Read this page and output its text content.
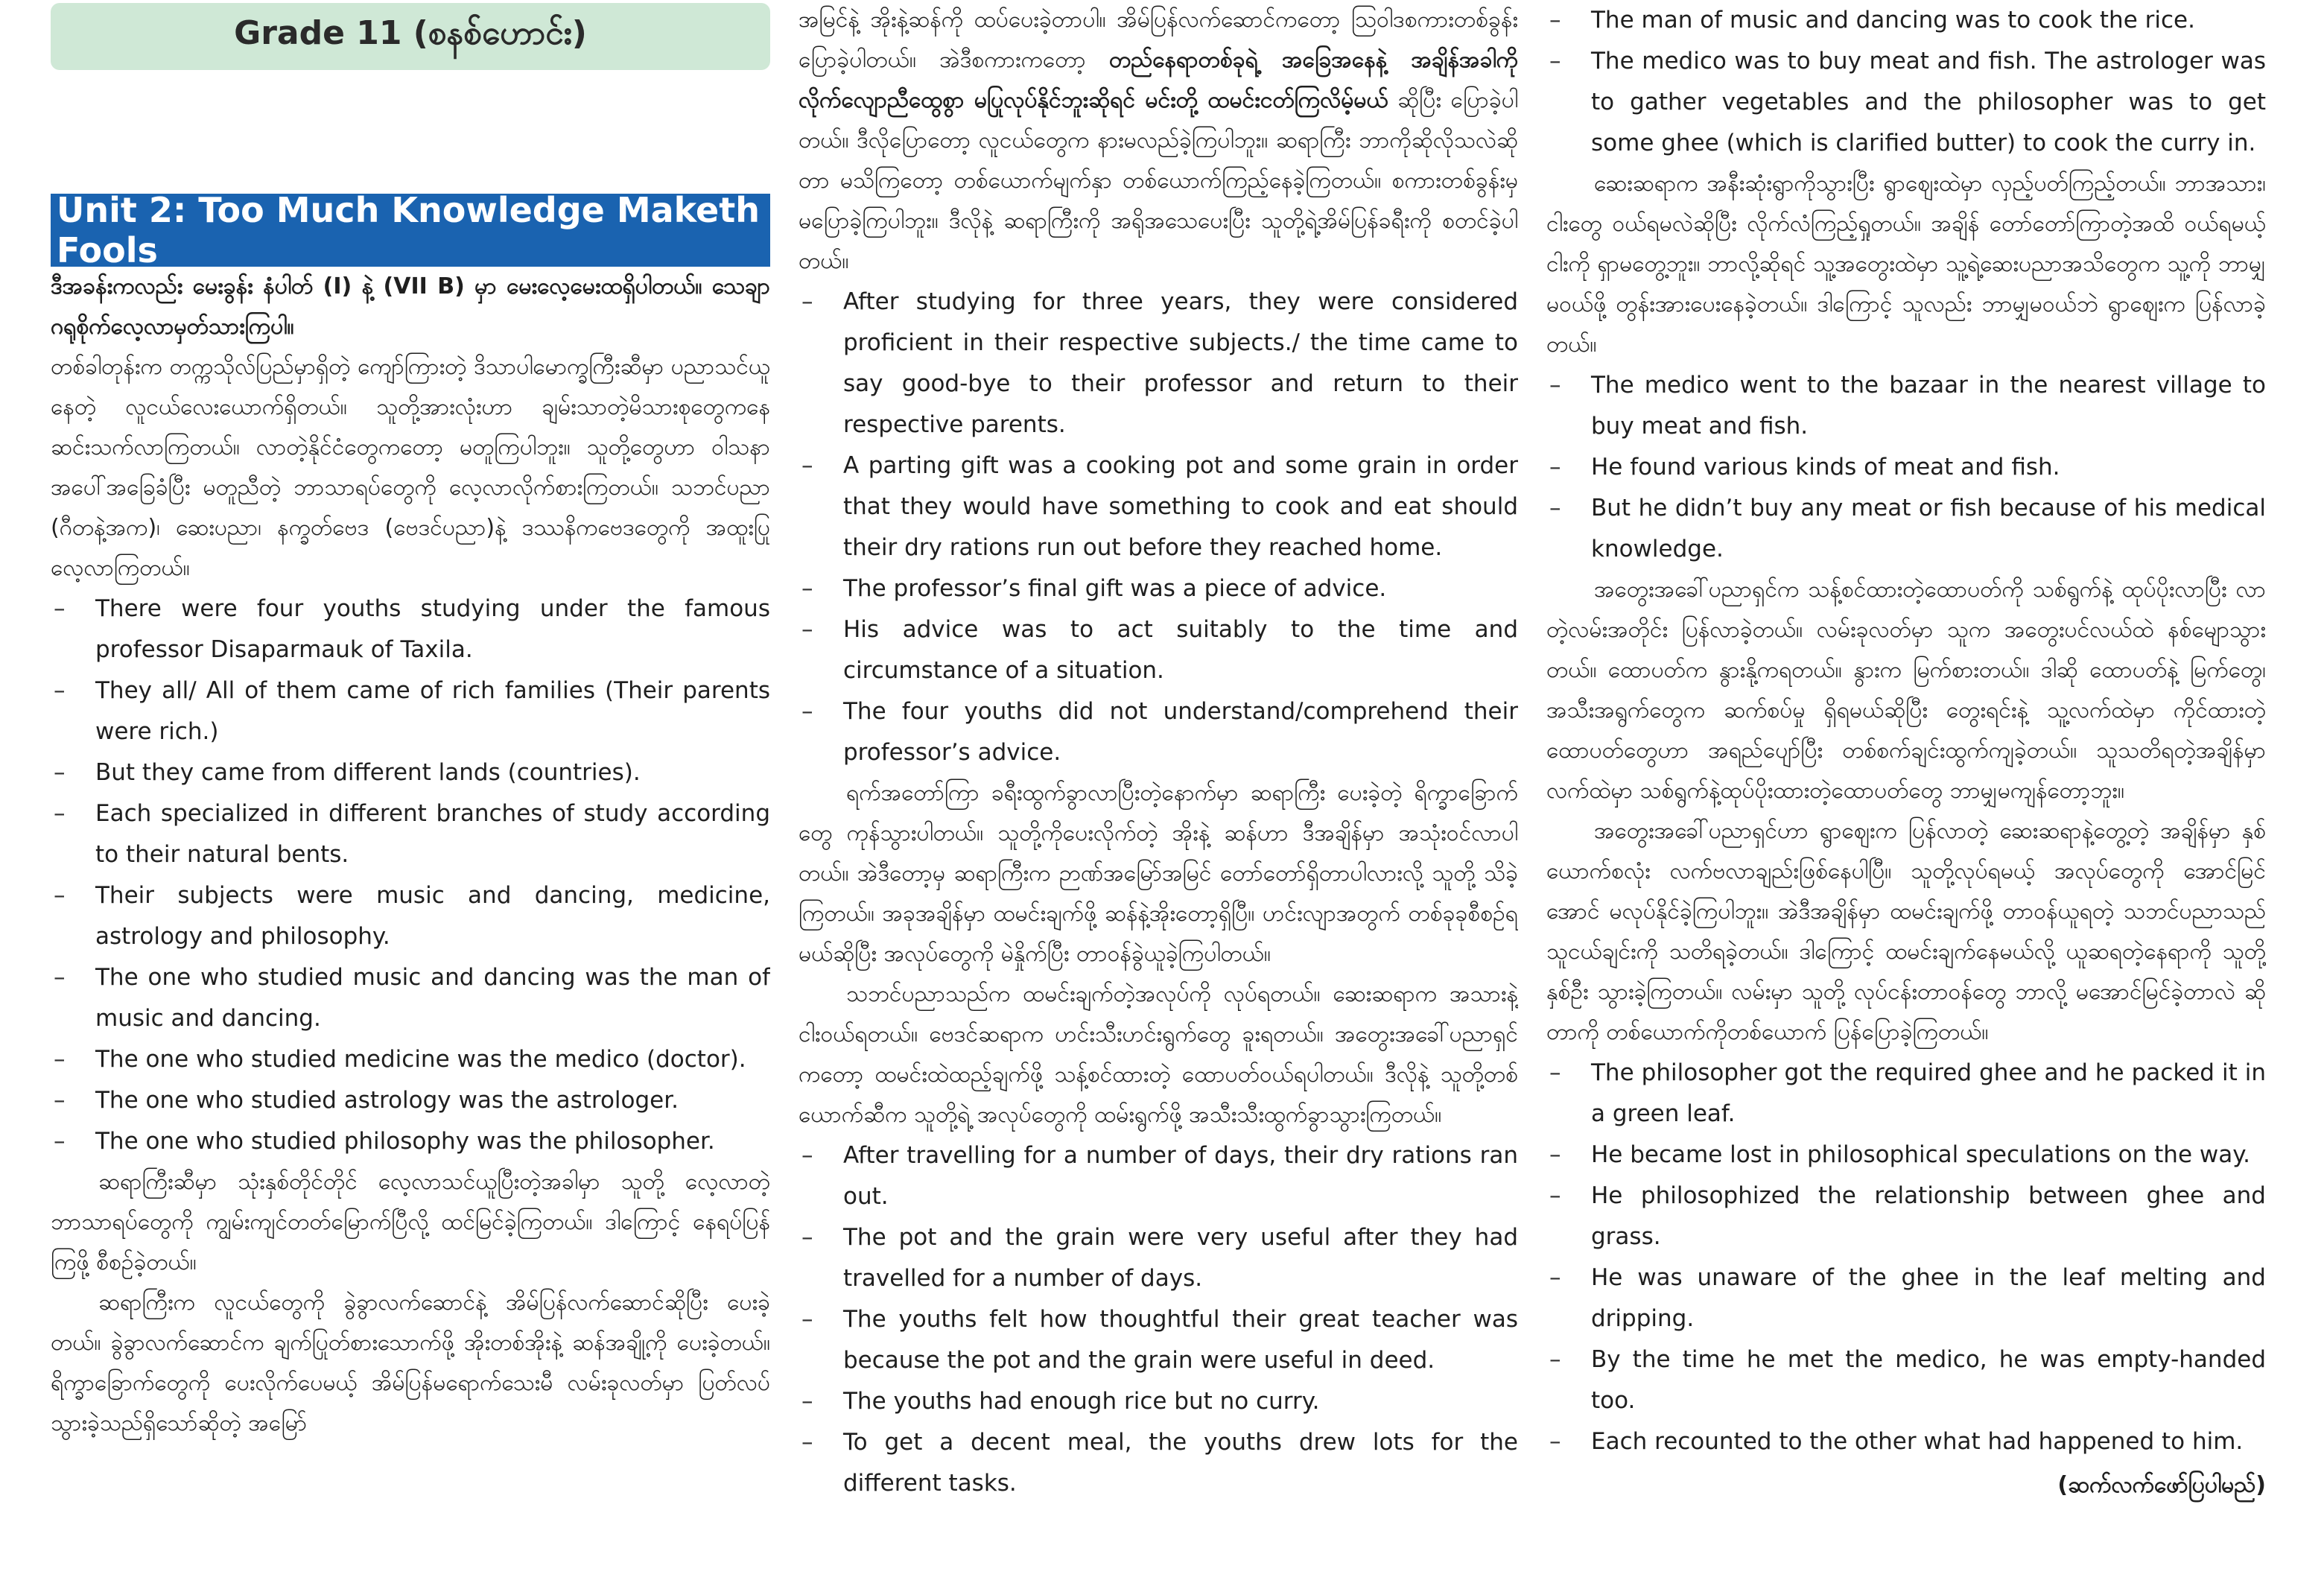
Grade 11 (စနစ်ဟောင်း)
Unit 2: Too Much Knowledge Maketh Fools

ဒီအခန်းကလည်း မေးခွန်း နံပါတ် (I) နဲ့ (VII B) မှာ မေးလေ့မေးထရှိပါတယ်။ သေချာဂရုစိုက်လေ့လာမှတ်သားကြပါ။

တစ်ခါတုန်းက တက္ကသိုလ်ပြည်မှာရှိတဲ့ ကျော်ကြားတဲ့ ဒိသာပါမောက္ခကြီးဆီမှာ ပညာသင်ယူနေတဲ့ လူငယ်လေးယောက်ရှိတယ်။ သူတို့အားလုံးဟာ ချမ်းသာတဲ့မိသားစုတွေကနေ ဆင်းသက်လာကြတယ်။ လာတဲ့နိုင်ငံတွေကတော့ မတူကြပါဘူး။ သူတို့တွေဟာ ဝါသနာအပေါ်အခြေခံပြီး မတူညီတဲ့ ဘာသာရပ်တွေကို လေ့လာလိုက်စားကြတယ်။ သဘင်ပညာ (ဂီတနဲ့အက)၊ ဆေးပညာ၊ နက္ခတ်ဗေဒ (ဗေဒင်ပညာ)နဲ့ ဒဿနိကဗေဒတွေကို အထူးပြုလေ့လာကြတယ်။

– There were four youths studying under the famous professor Disaparmauk of Taxila.
– They all/ All of them came of rich families (Their parents were rich.)
– But they came from different lands (countries).
– Each specialized in different branches of study according to their natural bents.
– Their subjects were music and dancing, medicine, astrology and philosophy.
– The one who studied music and dancing was the man of music and dancing.
– The one who studied medicine was the medico (doctor).
– The one who studied astrology was the astrologer.
– The one who studied philosophy was the philosopher.

ဆရာကြီးဆီမှာ သုံးနှစ်တိုင်တိုင် လေ့လာသင်ယူပြီးတဲ့အခါမှာ သူတို့ လေ့လာတဲ့ဘာသာရပ်တွေကို ကျွမ်းကျင်တတ်မြောက်ပြီလို့ ထင်မြင်ခဲ့ကြတယ်။ ဒါကြောင့် နေရပ်ပြန်ကြဖို့ စီစဉ်ခဲ့တယ်။

ဆရာကြီးက လူငယ်တွေကို ခွဲခွာလက်ဆောင်နဲ့ အိမ်ပြန်လက်ဆောင်ဆိုပြီး ပေးခဲ့တယ်။ ခွဲခွာလက်ဆောင်က ချက်ပြုတ်စားသောက်ဖို့ အိုးတစ်အိုးနဲ့ ဆန်အချို့ကို ပေးခဲ့တယ်။ ရိက္ခာခြောက်တွေကို ပေးလိုက်ပေမယ့် အိမ်ပြန်မရောက်သေးမီ လမ်းခုလတ်မှာ ပြတ်လပ်သွားခဲ့သည်ရှိသော်ဆိုတဲ့ အမြော်

အမြင်နဲ့ အိုးနဲ့ဆန်ကို ထပ်ပေးခဲ့တာပါ။ အိမ်ပြန်လက်ဆောင်ကတော့ ဩဝါဒစကားတစ်ခွန်းပြောခဲ့ပါတယ်။ အဲဒီစကားကတော့ တည်နေရာတစ်ခုရဲ့ အခြေအနေနဲ့ အချိန်အခါကို လိုက်လျောညီထွေစွာ မပြုလုပ်နိုင်ဘူးဆိုရင် မင်းတို့ ထမင်းငတ်ကြလိမ့်မယ် ဆိုပြီး ပြောခဲ့ပါတယ်။ ဒီလိုပြောတော့ လူငယ်တွေက နားမလည်ခဲ့ကြပါဘူး။ ဆရာကြီး ဘာကိုဆိုလိုသလဲဆိုတာ မသိကြတော့ တစ်ယောက်မျက်နှာ တစ်ယောက်ကြည့်နေခဲ့ကြတယ်။ စကားတစ်ခွန်းမှ မပြောခဲ့ကြပါဘူး။ ဒီလိုနဲ့ ဆရာကြီးကို အရိုအသေပေးပြီး သူတို့ရဲ့အိမ်ပြန်ခရီးကို စတင်ခဲ့ပါတယ်။

– After studying for three years, they were considered proficient in their respective subjects./ the time came to say good-bye to their professor and return to their respective parents.
– A parting gift was a cooking pot and some grain in order that they would have something to cook and eat should their dry rations run out before they reached home.
– The professor’s final gift was a piece of advice.
– His advice was to act suitably to the time and circumstance of a situation.
– The four youths did not understand/comprehend their professor’s advice.

ရက်အတော်ကြာ ခရီးထွက်ခွာလာပြီးတဲ့နောက်မှာ ဆရာကြီး ပေးခဲ့တဲ့ ရိက္ခာခြောက်တွေ ကုန်သွားပါတယ်။ သူတို့ကိုပေးလိုက်တဲ့ အိုးနဲ့ ဆန်ဟာ ဒီအချိန်မှာ အသုံးဝင်လာပါတယ်။ အဲဒီတော့မှ ဆရာကြီးက ဉာဏ်အမြော်အမြင် တော်တော်ရှိတာပါလားလို့ သူတို့ သိခဲ့ကြတယ်။ အခုအချိန်မှာ ထမင်းချက်ဖို့ ဆန်နဲ့အိုးတော့ရှိပြီ။ ဟင်းလျာအတွက် တစ်ခုခုစီစဉ်ရမယ်ဆိုပြီး အလုပ်တွေကို မဲနှိုက်ပြီး တာဝန်ခွဲယူခဲ့ကြပါတယ်။

သဘင်ပညာသည်က ထမင်းချက်တဲ့အလုပ်ကို လုပ်ရတယ်။ ဆေးဆရာက အသားနဲ့ငါးဝယ်ရတယ်။ ဗေဒင်ဆရာက ဟင်းသီးဟင်းရွက်တွေ ခူးရတယ်။ အတွေးအခေါ်ပညာရှင်ကတော့ ထမင်းထဲထည့်ချက်ဖို့ သန့်စင်ထားတဲ့ ထောပတ်ဝယ်ရပါတယ်။ ဒီလိုနဲ့ သူတို့တစ်ယောက်ဆီက သူတို့ရဲ့ အလုပ်တွေကို ထမ်းရွက်ဖို့ အသီးသီးထွက်ခွာသွားကြတယ်။

– After travelling for a number of days, their dry rations ran out.
– The pot and the grain were very useful after they had travelled for a number of days.
– The youths felt how thoughtful their great teacher was because the pot and the grain were useful in deed.
– The youths had enough rice but no curry.
– To get a decent meal, the youths drew lots for the different tasks.
– The man of music and dancing was to cook the rice.
– The medico was to buy meat and fish. The astrologer was to gather vegetables and the philosopher was to get some ghee (which is clarified butter) to cook the curry in.

ဆေးဆရာက အနီးဆုံးရွာကိုသွားပြီး ရွာဈေးထဲမှာ လှည့်ပတ်ကြည့်တယ်။ ဘာအသား၊ ငါးတွေ ဝယ်ရမလဲဆိုပြီး လိုက်လံကြည့်ရှုတယ်။ အချိန် တော်တော်ကြာတဲ့အထိ ဝယ်ရမယ့်ငါးကို ရှာမတွေ့ဘူး။ ဘာလို့ဆိုရင် သူ့အတွေးထဲမှာ သူ့ရဲ့ဆေးပညာအသိတွေက သူ့ကို ဘာမျှမဝယ်ဖို့ တွန်းအားပေးနေခဲ့တယ်။ ဒါကြောင့် သူလည်း ဘာမျှမဝယ်ဘဲ ရွာဈေးက ပြန်လာခဲ့တယ်။

– The medico went to the bazaar in the nearest village to buy meat and fish.
– He found various kinds of meat and fish.
– But he didn’t buy any meat or fish because of his medical knowledge.

အတွေးအခေါ်ပညာရှင်က သန့်စင်ထားတဲ့ထောပတ်ကို သစ်ရွက်နဲ့ ထုပ်ပိုးလာပြီး လာတဲ့လမ်းအတိုင်း ပြန်လာခဲ့တယ်။ လမ်းခုလတ်မှာ သူက အတွေးပင်လယ်ထဲ နစ်မျောသွားတယ်။ ထောပတ်က နွားနို့ကရတယ်။ နွားက မြက်စားတယ်။ ဒါဆို ထောပတ်နဲ့ မြက်တွေ၊ အသီးအရွက်တွေက ဆက်စပ်မှု ရှိရမယ်ဆိုပြီး တွေးရင်းနဲ့ သူ့လက်ထဲမှာ ကိုင်ထားတဲ့ ထောပတ်တွေဟာ အရည်ပျော်ပြီး တစ်စက်ချင်းထွက်ကျခဲ့တယ်။ သူသတိရတဲ့အချိန်မှာ လက်ထဲမှာ သစ်ရွက်နဲ့ထုပ်ပိုးထားတဲ့ထောပတ်တွေ ဘာမျှမကျန်တော့ဘူး။

အတွေးအခေါ်ပညာရှင်ဟာ ရွာဈေးက ပြန်လာတဲ့ ဆေးဆရာနဲ့တွေ့တဲ့ အချိန်မှာ နှစ်ယောက်စလုံး လက်ဗလာချည်းဖြစ်နေပါပြီ။ သူတို့လုပ်ရမယ့် အလုပ်တွေကို အောင်မြင်အောင် မလုပ်နိုင်ခဲ့ကြပါဘူး။ အဲဒီအချိန်မှာ ထမင်းချက်ဖို့ တာဝန်ယူရတဲ့ သဘင်ပညာသည်သူငယ်ချင်းကို သတိရခဲ့တယ်။ ဒါကြောင့် ထမင်းချက်နေမယ်လို့ ယူဆရတဲ့နေရာကို သူတို့နှစ်ဦး သွားခဲ့ကြတယ်။ လမ်းမှာ သူတို့ လုပ်ငန်းတာဝန်တွေ ဘာလို့ မအောင်မြင်ခဲ့တာလဲ ဆိုတာကို တစ်ယောက်ကိုတစ်ယောက် ပြန်ပြောခဲ့ကြတယ်။

– The philosopher got the required ghee and he packed it in a green leaf.
– He became lost in philosophical speculations on the way.
– He philosophized the relationship between ghee and grass.
– He was unaware of the ghee in the leaf melting and dripping.
– By the time he met the medico, he was empty-handed too.
– Each recounted to the other what had happened to him.

(ဆက်လက်ဖော်ပြပါမည်)
